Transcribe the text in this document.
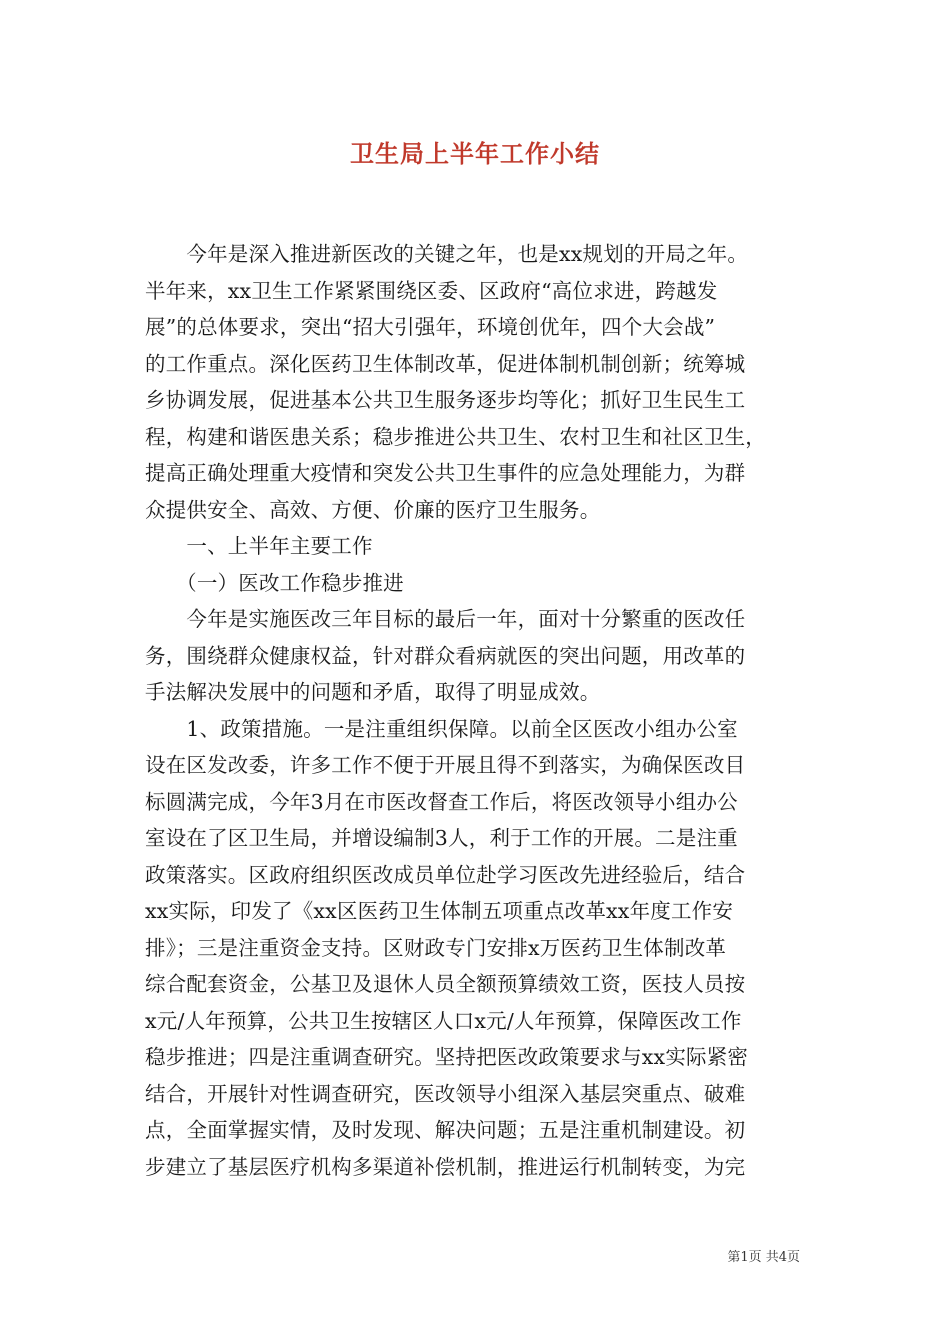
卫生局上半年工作小结
　　今年是深入推进新医改的关键之年，也是xx规划的开局之年。
半年来，xx卫生工作紧紧围绕区委、区政府“高位求进，跨越发
展”的总体要求，突出“招大引强年，环境创优年，四个大会战”
的工作重点。深化医药卫生体制改革，促进体制机制创新；统筹城
乡协调发展，促进基本公共卫生服务逐步均等化；抓好卫生民生工
程，构建和谐医患关系；稳步推进公共卫生、农村卫生和社区卫生，
提高正确处理重大疫情和突发公共卫生事件的应急处理能力，为群
众提供安全、高效、方便、价廉的医疗卫生服务。
　　一、上半年主要工作
　　（一）医改工作稳步推进
　　今年是实施医改三年目标的最后一年，面对十分繁重的医改任
务，围绕群众健康权益，针对群众看病就医的突出问题，用改革的
手法解决发展中的问题和矛盾，取得了明显成效。
　　1、政策措施。一是注重组织保障。以前全区医改小组办公室
设在区发改委，许多工作不便于开展且得不到落实，为确保医改目
标圆满完成，今年3月在市医改督查工作后，将医改领导小组办公
室设在了区卫生局，并增设编制3人，利于工作的开展。二是注重
政策落实。区政府组织医改成员单位赴学习医改先进经验后，结合
xx实际，印发了《xx区医药卫生体制五项重点改革xx年度工作安
排》；三是注重资金支持。区财政专门安排x万医药卫生体制改革
综合配套资金，公基卫及退休人员全额预算绩效工资，医技人员按
x元/人年预算，公共卫生按辖区人口x元/人年预算，保障医改工作
稳步推进；四是注重调查研究。坚持把医改政策要求与xx实际紧密
结合，开展针对性调查研究，医改领导小组深入基层突重点、破难
点，全面掌握实情，及时发现、解决问题；五是注重机制建设。初
步建立了基层医疗机构多渠道补偿机制，推进运行机制转变，为完
第1页 共4页
